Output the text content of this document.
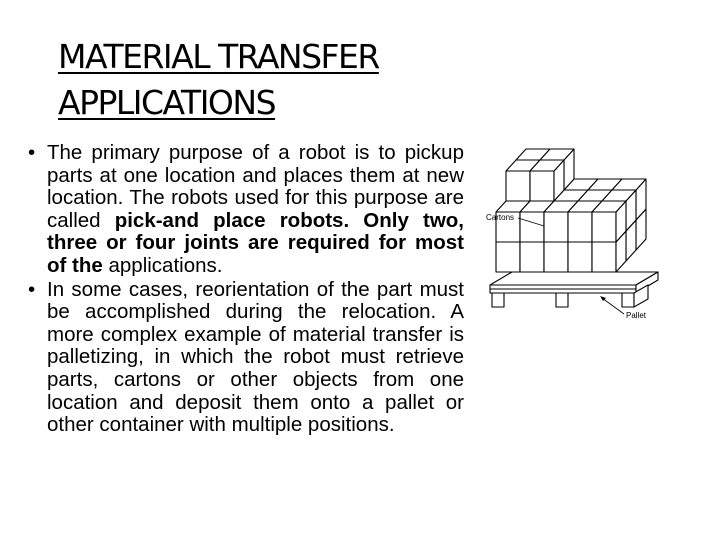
MATERIAL TRANSFER
APPLICATIONS
• The primary purpose of a robot is to pickup parts at one location and places them at new location. The robots used for this purpose are called pick-and place robots. Only two, three or four joints are required for most of the applications.
• In some cases, reorientation of the part must be accomplished during the relocation. A more complex example of material transfer is palletizing, in which the robot must retrieve parts, cartons or other objects from one location and deposit them onto a pallet or other container with multiple positions.
Cartons
Pallet
